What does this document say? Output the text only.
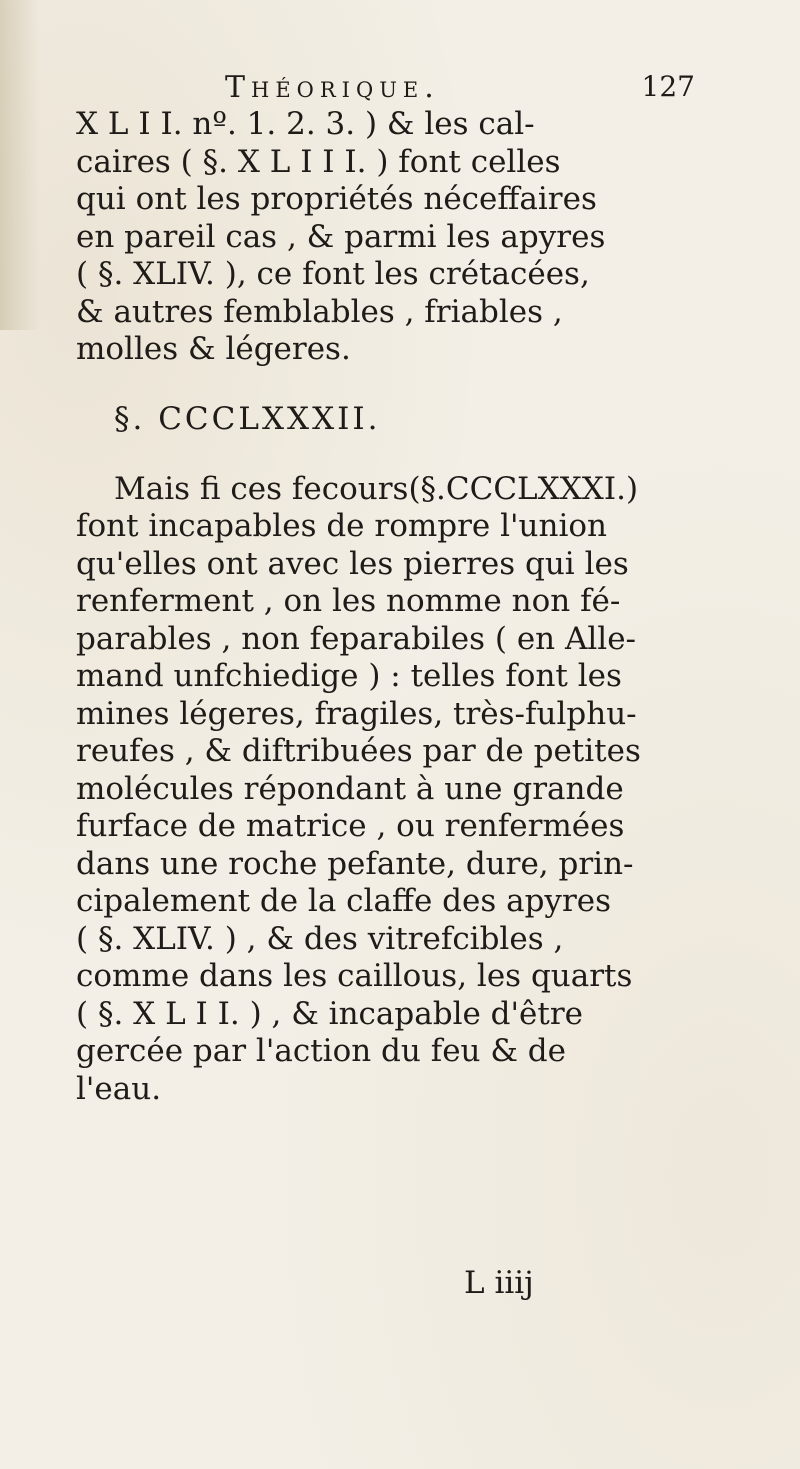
Théorique.	127
X L I I. nº. 1. 2. 3. ) & les cal-
caires ( §. X L I I I. ) font celles
qui ont les propriétés néceffaires
en pareil cas , & parmi les apyres
( §. XLIV. ), ce font les crétacées,
& autres femblables , friables ,
molles & légeres.
§. CCCLXXXII.
Mais fi ces fecours(§.CCCLXXXI.)
font incapables de rompre l'union
qu'elles ont avec les pierres qui les
renferment , on les nomme non fé-
parables , non feparabiles ( en Alle-
mand unfchiedige ) : telles font les
mines légeres, fragiles, très-fulphu-
reufes , & diftribuées par de petites
molécules répondant à une grande
furface de matrice , ou renfermées
dans une roche pefante, dure, prin-
cipalement de la claffe des apyres
( §. XLIV. ) , & des vitrefcibles ,
comme dans les caillous, les quarts
( §. X L I I. ) , & incapable d'être
gercée par l'action du feu & de
l'eau.
L iiij
